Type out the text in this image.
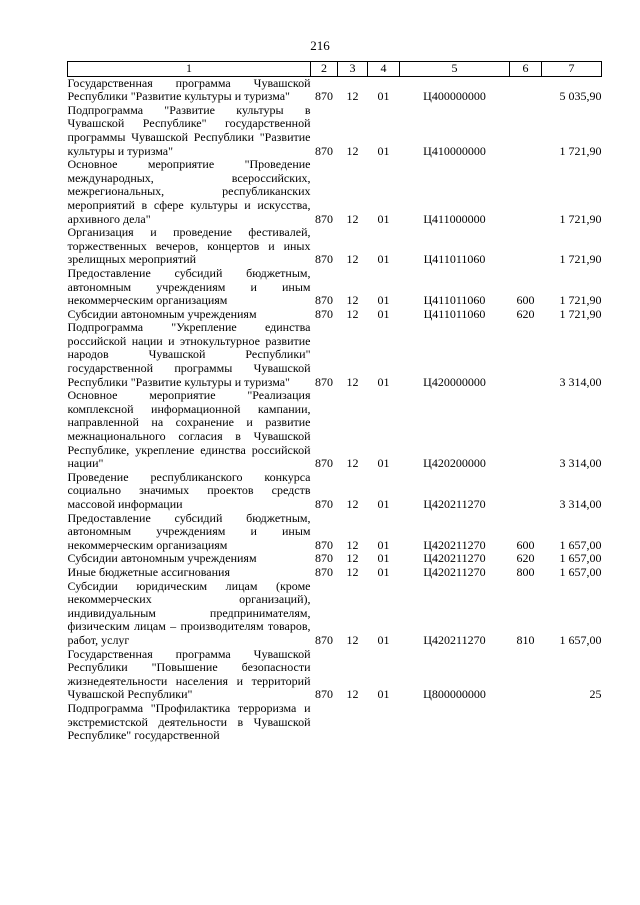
216
1	2	3	4	5	6	7
Государственная программа Чувашской Республики "Развитие культуры и туризма"	870	12	01	Ц400000000		5 035,90
Подпрограмма "Развитие культуры в Чувашской Республике" государственной программы Чувашской Республики "Развитие культуры и туризма"	870	12	01	Ц410000000		1 721,90
Основное мероприятие "Проведение международных, всероссийских, межрегиональных, республиканских мероприятий в сфере культуры и искусства, архивного дела"	870	12	01	Ц411000000		1 721,90
Организация и проведение фестивалей, торжественных вечеров, концертов и иных зрелищных мероприятий	870	12	01	Ц411011060		1 721,90
Предоставление субсидий бюджетным, автономным учреждениям и иным некоммерческим организациям	870	12	01	Ц411011060	600	1 721,90
Субсидии автономным учреждениям	870	12	01	Ц411011060	620	1 721,90
Подпрограмма "Укрепление единства российской нации и этнокультурное развитие народов Чувашской Республики" государственной программы Чувашской Республики "Развитие культуры и туризма"	870	12	01	Ц420000000		3 314,00
Основное мероприятие "Реализация комплексной информационной кампании, направленной на сохранение и развитие межнационального согласия в Чувашской Республике, укрепление единства российской нации"	870	12	01	Ц420200000		3 314,00
Проведение республиканского конкурса социально значимых проектов средств массовой информации	870	12	01	Ц420211270		3 314,00
Предоставление субсидий бюджетным, автономным учреждениям и иным некоммерческим организациям	870	12	01	Ц420211270	600	1 657,00
Субсидии автономным учреждениям	870	12	01	Ц420211270	620	1 657,00
Иные бюджетные ассигнования	870	12	01	Ц420211270	800	1 657,00
Субсидии юридическим лицам (кроме некоммерческих организаций), индивидуальным предпринимателям, физическим лицам – производителям товаров, работ, услуг	870	12	01	Ц420211270	810	1 657,00
Государственная программа Чувашской Республики "Повышение безопасности жизнедеятельности населения и территорий Чувашской Республики"	870	12	01	Ц800000000		25
Подпрограмма "Профилактика терроризма и экстремистской деятельности в Чувашской Республике" государственной						
